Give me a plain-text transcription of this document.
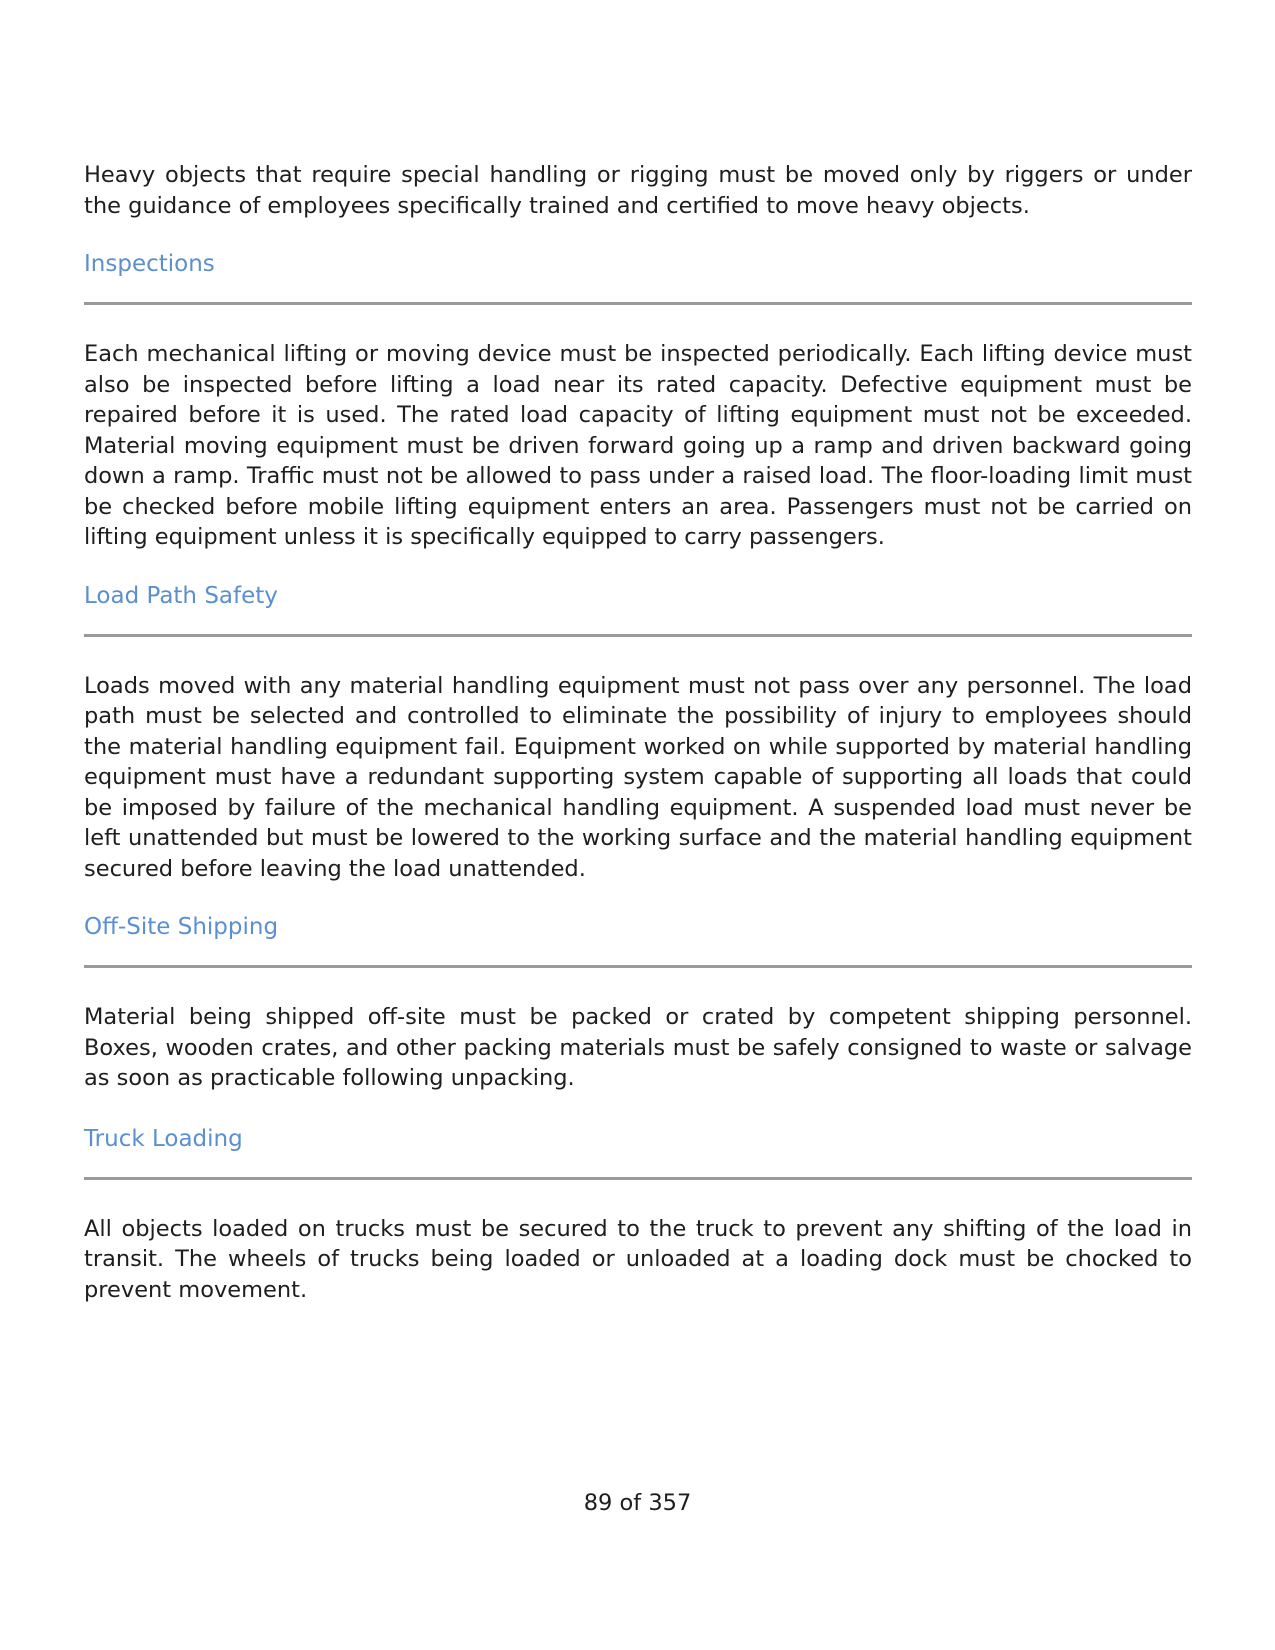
Heavy objects that require special handling or rigging must be moved only by riggers or under the guidance of employees specifically trained and certified to move heavy objects.

Inspections

Each mechanical lifting or moving device must be inspected periodically. Each lifting device must also be inspected before lifting a load near its rated capacity. Defective equipment must be repaired before it is used. The rated load capacity of lifting equipment must not be exceeded. Material moving equipment must be driven forward going up a ramp and driven backward going down a ramp. Traffic must not be allowed to pass under a raised load. The floor-loading limit must be checked before mobile lifting equipment enters an area. Passengers must not be carried on lifting equipment unless it is specifically equipped to carry passengers.

Load Path Safety

Loads moved with any material handling equipment must not pass over any personnel. The load path must be selected and controlled to eliminate the possibility of injury to employees should the material handling equipment fail. Equipment worked on while supported by material handling equipment must have a redundant supporting system capable of supporting all loads that could be imposed by failure of the mechanical handling equipment. A suspended load must never be left unattended but must be lowered to the working surface and the material handling equipment secured before leaving the load unattended.

Off-Site Shipping

Material being shipped off-site must be packed or crated by competent shipping personnel. Boxes, wooden crates, and other packing materials must be safely consigned to waste or salvage as soon as practicable following unpacking.

Truck Loading

All objects loaded on trucks must be secured to the truck to prevent any shifting of the load in transit. The wheels of trucks being loaded or unloaded at a loading dock must be chocked to prevent movement.

89 of 357
